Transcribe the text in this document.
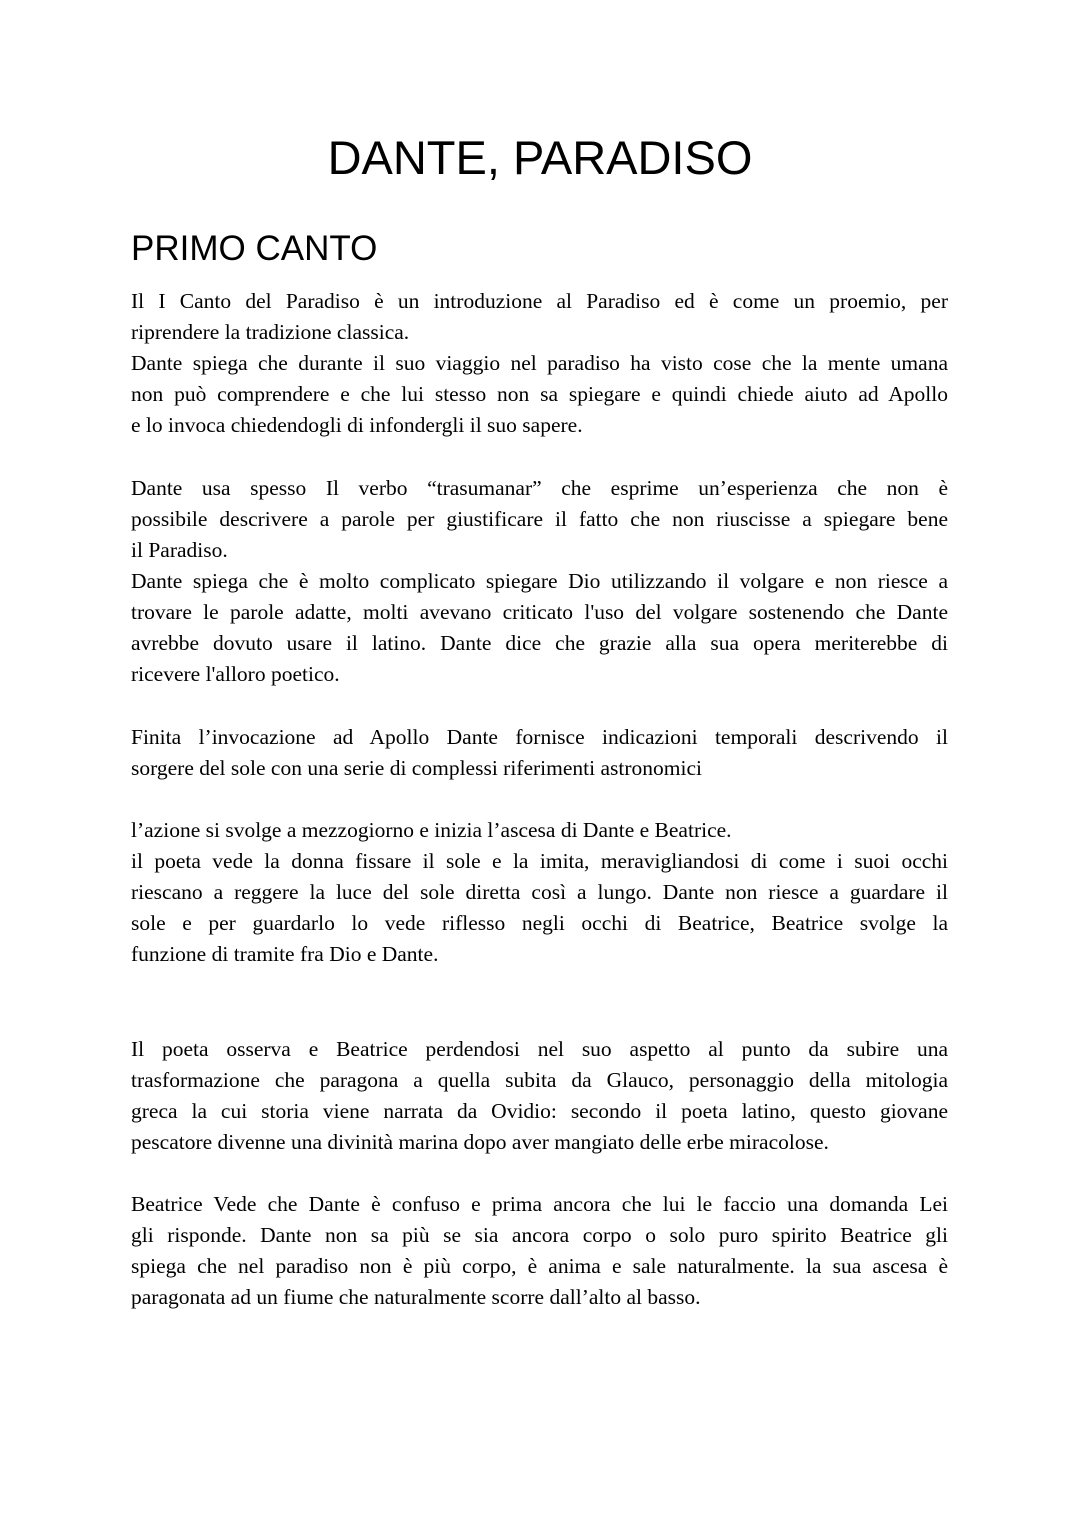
DANTE, PARADISO
PRIMO CANTO

Il I Canto del Paradiso è un introduzione al Paradiso ed è come un proemio, per
riprendere la tradizione classica.
Dante spiega che durante il suo viaggio nel paradiso ha visto cose che la mente umana
non può comprendere e che lui stesso non sa spiegare e quindi chiede aiuto ad Apollo
e lo invoca chiedendogli di infondergli il suo sapere.

Dante usa spesso Il verbo “trasumanar” che esprime un’esperienza che non è
possibile descrivere a parole per giustificare il fatto che non riuscisse a spiegare bene
il Paradiso.
Dante spiega che è molto complicato spiegare Dio utilizzando il volgare e non riesce a
trovare le parole adatte, molti avevano criticato l'uso del volgare sostenendo che Dante
avrebbe dovuto usare il latino. Dante dice che grazie alla sua opera meriterebbe di
ricevere l'alloro poetico.

Finita l’invocazione ad Apollo Dante fornisce indicazioni temporali descrivendo il
sorgere del sole con una serie di complessi riferimenti astronomici

l’azione si svolge a mezzogiorno e inizia l’ascesa di Dante e Beatrice.
il poeta vede la donna fissare il sole e la imita, meravigliandosi di come i suoi occhi
riescano a reggere la luce del sole diretta così a lungo. Dante non riesce a guardare il
sole e per guardarlo lo vede riflesso negli occhi di Beatrice, Beatrice svolge la
funzione di tramite fra Dio e Dante.

Il poeta osserva e Beatrice perdendosi nel suo aspetto al punto da subire una
trasformazione che paragona a quella subita da Glauco, personaggio della mitologia
greca la cui storia viene narrata da Ovidio: secondo il poeta latino, questo giovane
pescatore divenne una divinità marina dopo aver mangiato delle erbe miracolose.

Beatrice Vede che Dante è confuso e prima ancora che lui le faccio una domanda Lei
gli risponde. Dante non sa più se sia ancora corpo o solo puro spirito Beatrice gli
spiega che nel paradiso non è più corpo, è anima e sale naturalmente. la sua ascesa è
paragonata ad un fiume che naturalmente scorre dall’alto al basso.
